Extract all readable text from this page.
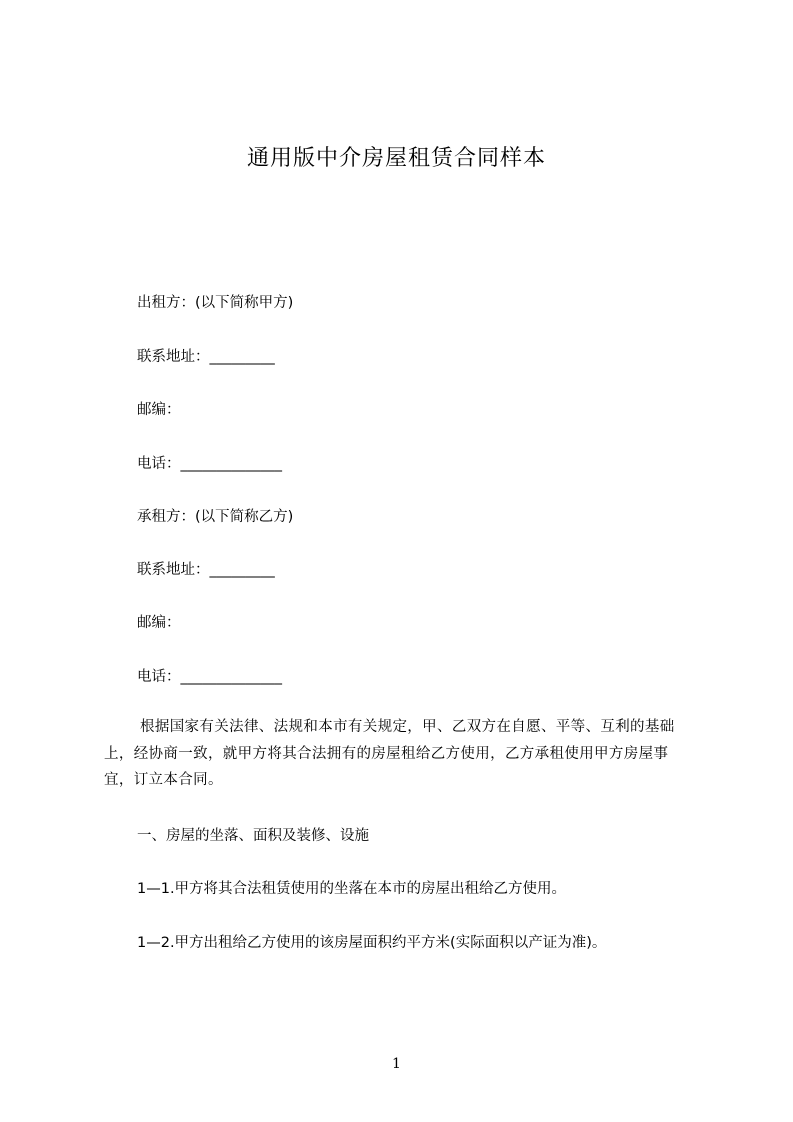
通用版中介房屋租赁合同样本
出租方：(以下简称甲方)
联系地址：_________
邮编：
电话：______________
承租方：(以下简称乙方)
联系地址：_________
邮编：
电话：______________
根据国家有关法律、法规和本市有关规定，甲、乙双方在自愿、平等、互利的基础上，经协商一致，就甲方将其合法拥有的房屋租给乙方使用，乙方承租使用甲方房屋事宜，订立本合同。
一、房屋的坐落、面积及装修、设施
1—1.甲方将其合法租赁使用的坐落在本市的房屋出租给乙方使用。
1—2.甲方出租给乙方使用的该房屋面积约平方米(实际面积以产证为准)。
1
